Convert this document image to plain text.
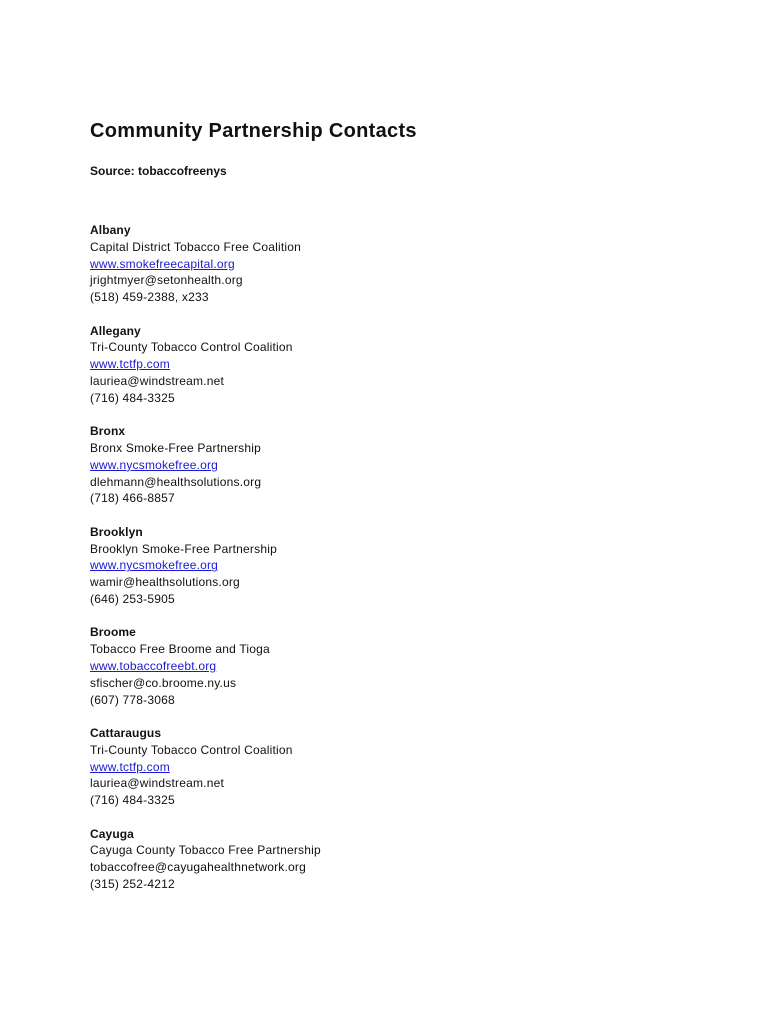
Community Partnership Contacts
Source: tobaccofreenys
Albany
Capital District Tobacco Free Coalition
www.smokefreecapital.org
jrightmyer@setonhealth.org
(518) 459-2388, x233
Allegany
Tri-County Tobacco Control Coalition
www.tctfp.com
lauriea@windstream.net
(716) 484-3325
Bronx
Bronx Smoke-Free Partnership
www.nycsmokefree.org
dlehmann@healthsolutions.org
(718) 466-8857
Brooklyn
Brooklyn Smoke-Free Partnership
www.nycsmokefree.org
wamir@healthsolutions.org
(646) 253-5905
Broome
Tobacco Free Broome and Tioga
www.tobaccofreebt.org
sfischer@co.broome.ny.us
(607) 778-3068
Cattaraugus
Tri-County Tobacco Control Coalition
www.tctfp.com
lauriea@windstream.net
(716) 484-3325
Cayuga
Cayuga County Tobacco Free Partnership
tobaccofree@cayugahealthnetwork.org
(315) 252-4212
